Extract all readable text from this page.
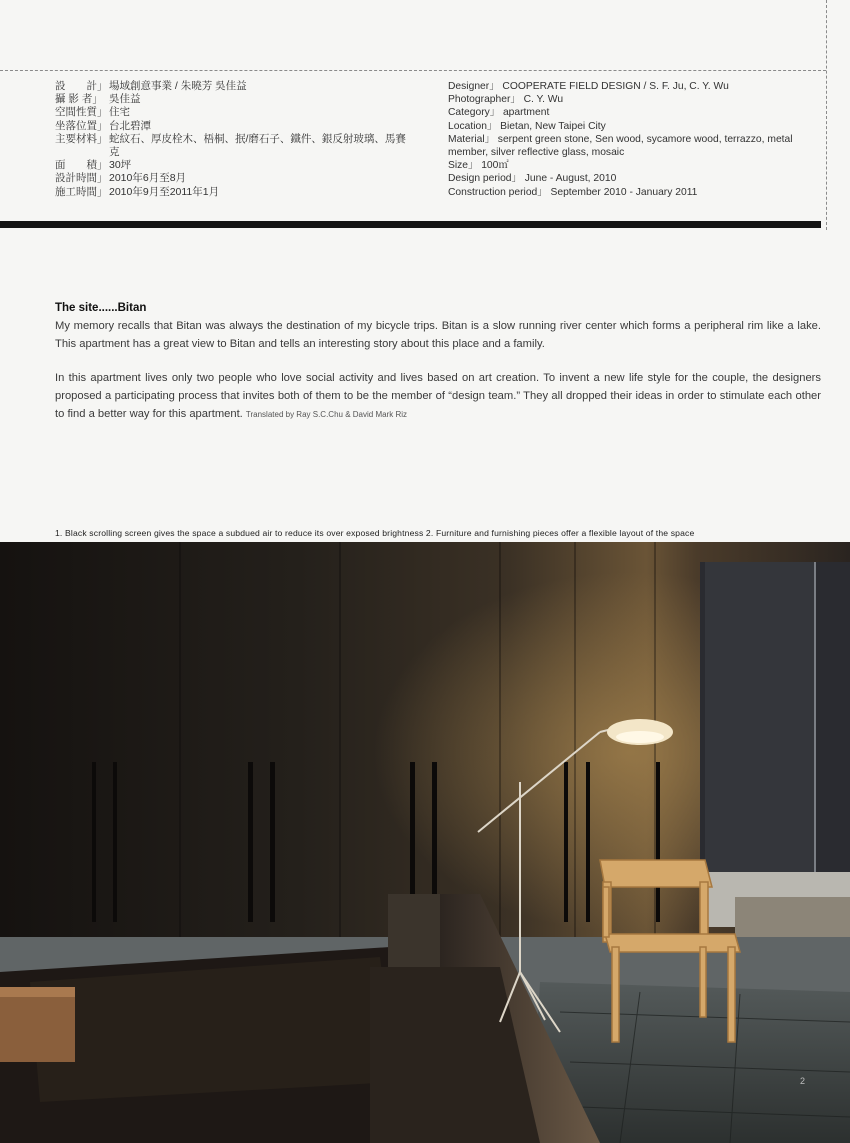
設　　計」 場域創意事業 / 朱曉芳 吳佳益
攝 影 者」 吳佳益
空間性質」 住宅
坐落位置」 台北碧潭
主要材料」 蛇紋石、厚皮栓木、梧桐、抿/磨石子、鐵件、銀反射玻璃、馬賽克
面　　積」 30坪
設計時間」 2010年6月至8月
施工時間」 2010年9月至2011年1月
Designer」 COOPERATE FIELD DESIGN / S. F. Ju, C. Y. Wu
Photographer」 C. Y. Wu
Category」 apartment
Location」 Bietan, New Taipei City
Material」 serpent green stone, Sen wood, sycamore wood, terrazzo, metal member, silver reflective glass, mosaic
Size」 100㎡
Design period」 June - August, 2010
Construction period」 September 2010 - January 2011
The site......Bitan

My memory recalls that Bitan was always the destination of my bicycle trips. Bitan is a slow running river center which forms a peripheral rim like a lake. This apartment has a great view to Bitan and tells an interesting story about this place and a family.

In this apartment lives only two people who love social activity and lives based on art creation. To invent a new life style for the couple, the designers proposed a participating process that invites both of them to be the member of “design team.” They all dropped their ideas in order to stimulate each other to find a better way for this apartment. Translated by Ray S.C.Chu & David Mark Riz

1. Black scrolling screen gives the space a subdued air to reduce its over exposed brightness 2. Furniture and furnishing pieces offer a flexible layout of the space

2
